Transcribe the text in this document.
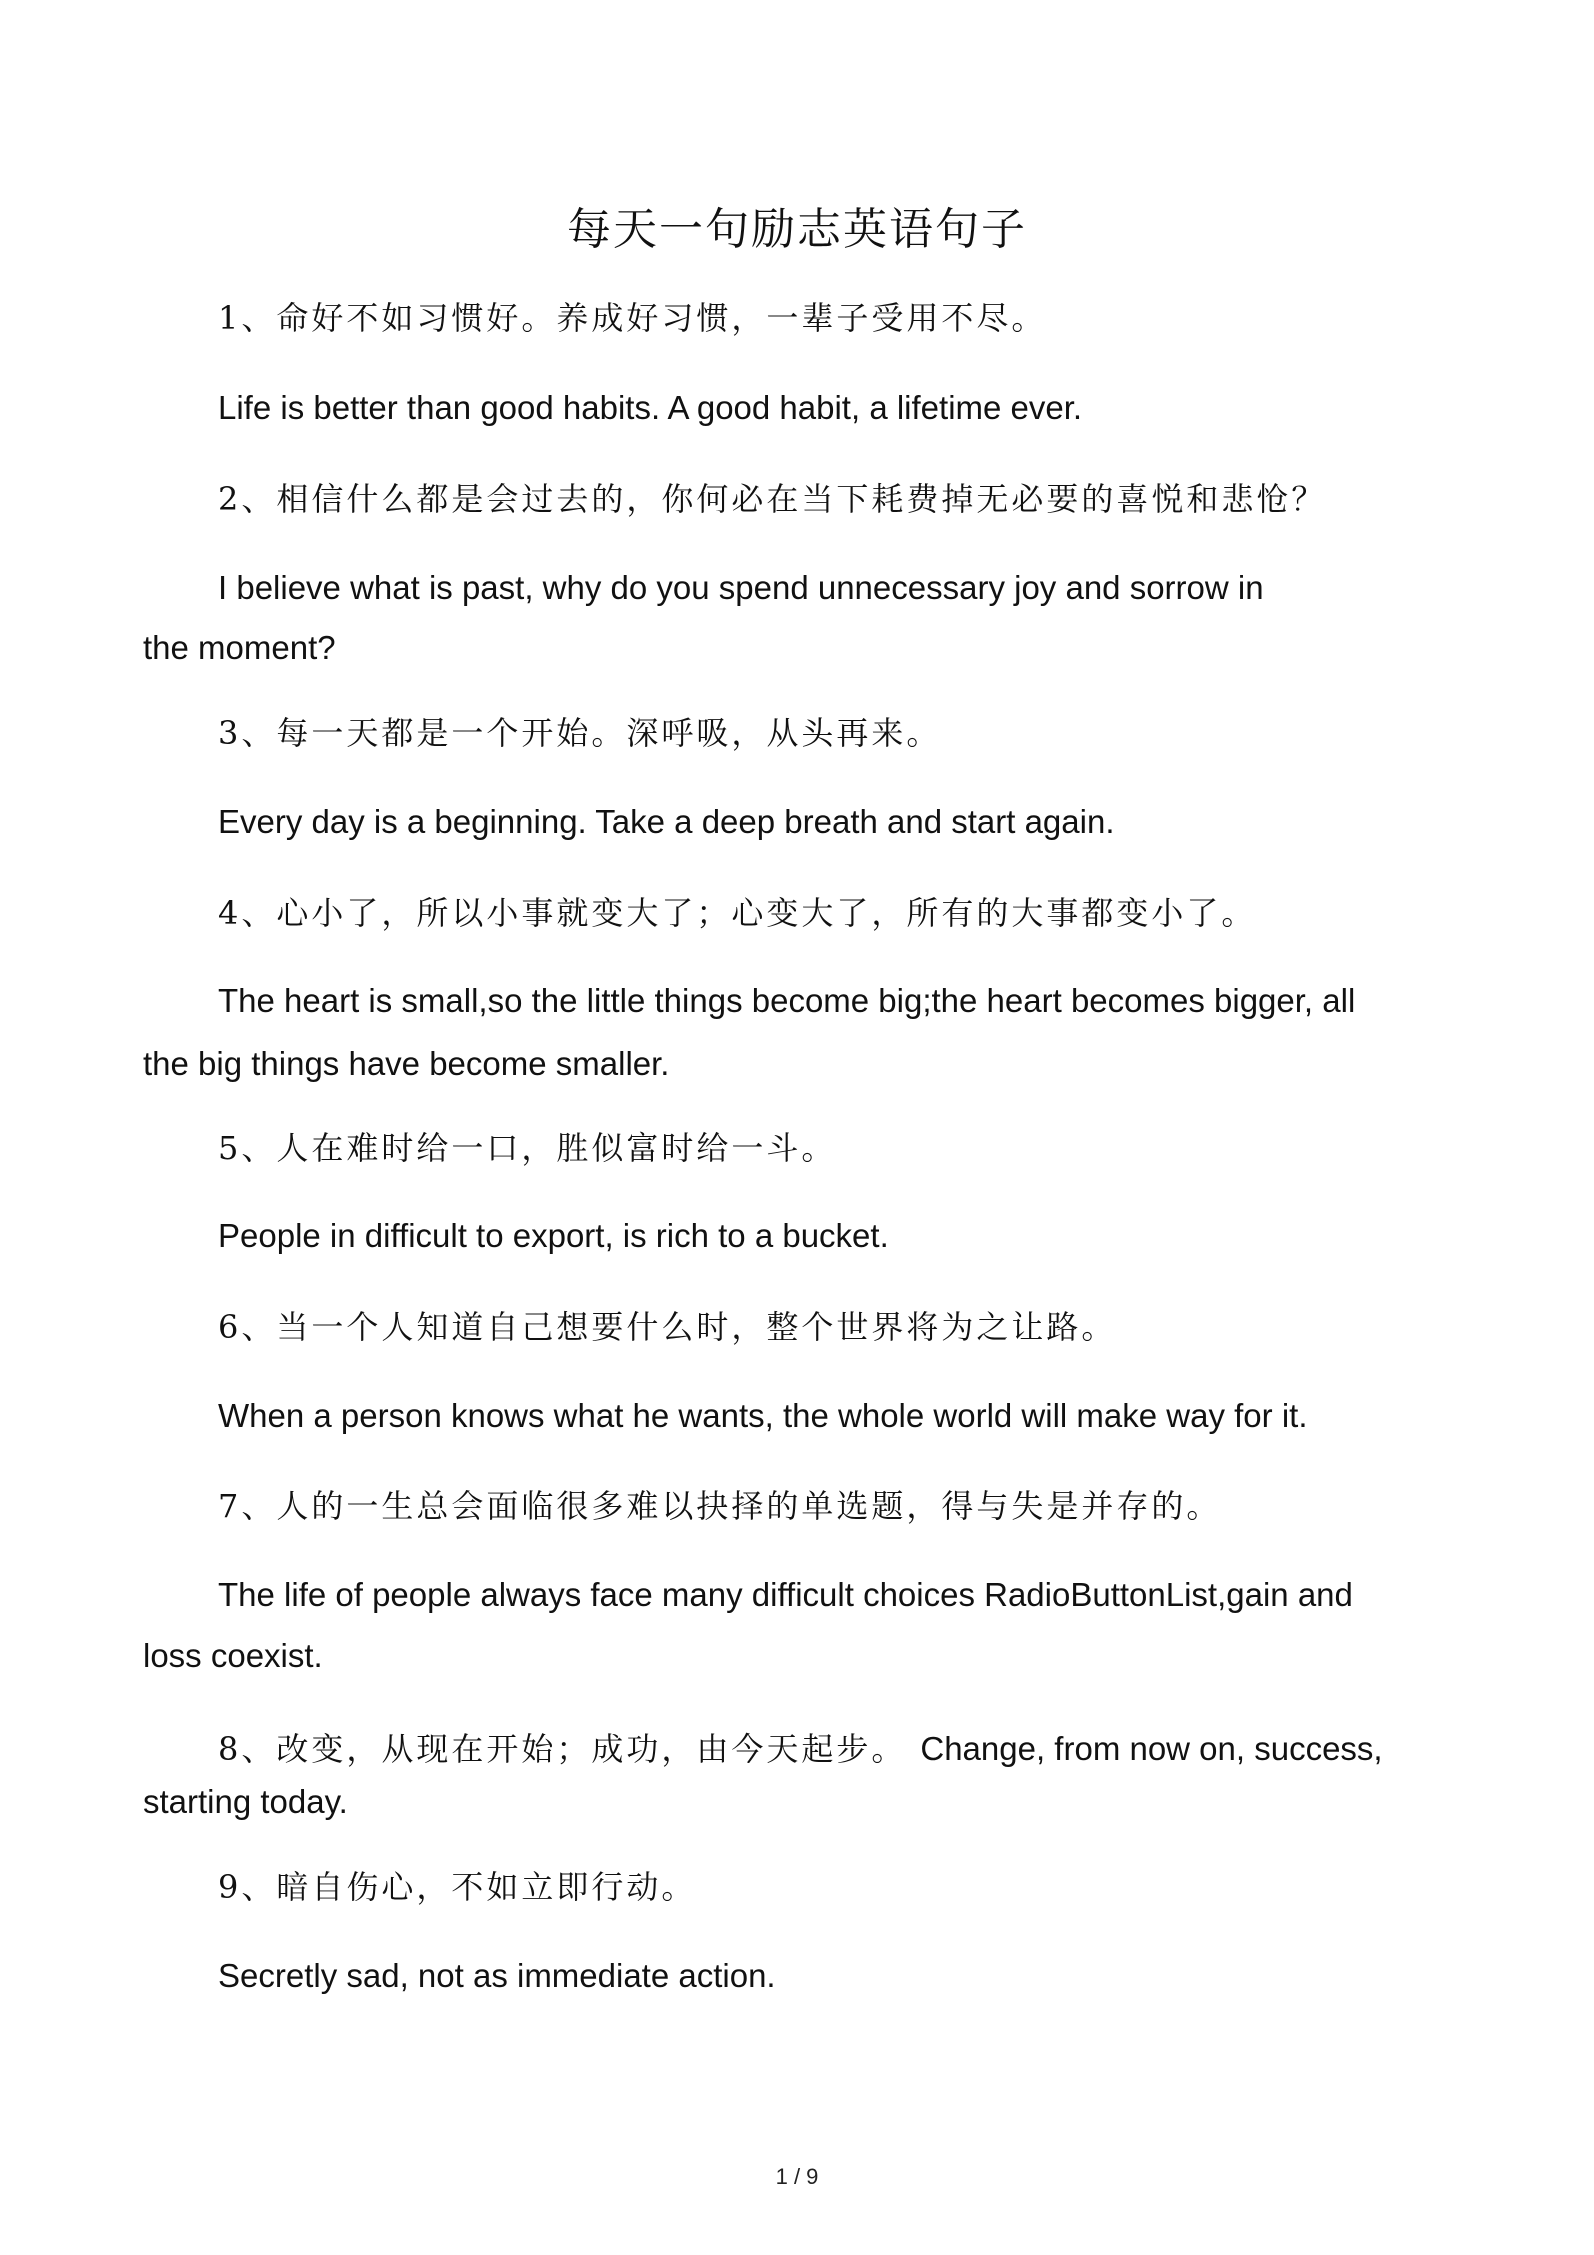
每天一句励志英语句子
1、命好不如习惯好。养成好习惯，一辈子受用不尽。
Life is better than good habits. A good habit, a lifetime ever.
2、相信什么都是会过去的，你何必在当下耗费掉无必要的喜悦和悲怆？
I believe what is past, why do you spend unnecessary joy and sorrow in
the moment?
3、每一天都是一个开始。深呼吸，从头再来。
Every day is a beginning. Take a deep breath and start again.
4、心小了，所以小事就变大了；心变大了，所有的大事都变小了。
The heart is small,so the little things become big;the heart becomes bigger, all
the big things have become smaller.
5、人在难时给一口，胜似富时给一斗。
People in difficult to export, is rich to a bucket.
6、当一个人知道自己想要什么时，整个世界将为之让路。
When a person knows what he wants, the whole world will make way for it.
7、人的一生总会面临很多难以抉择的单选题，得与失是并存的。
The life of people always face many difficult choices RadioButtonList,gain and
loss coexist.
8、改变，从现在开始；成功，由今天起步。 Change, from now on, success,
starting today.
9、暗自伤心，不如立即行动。
Secretly sad, not as immediate action.
1 / 9
